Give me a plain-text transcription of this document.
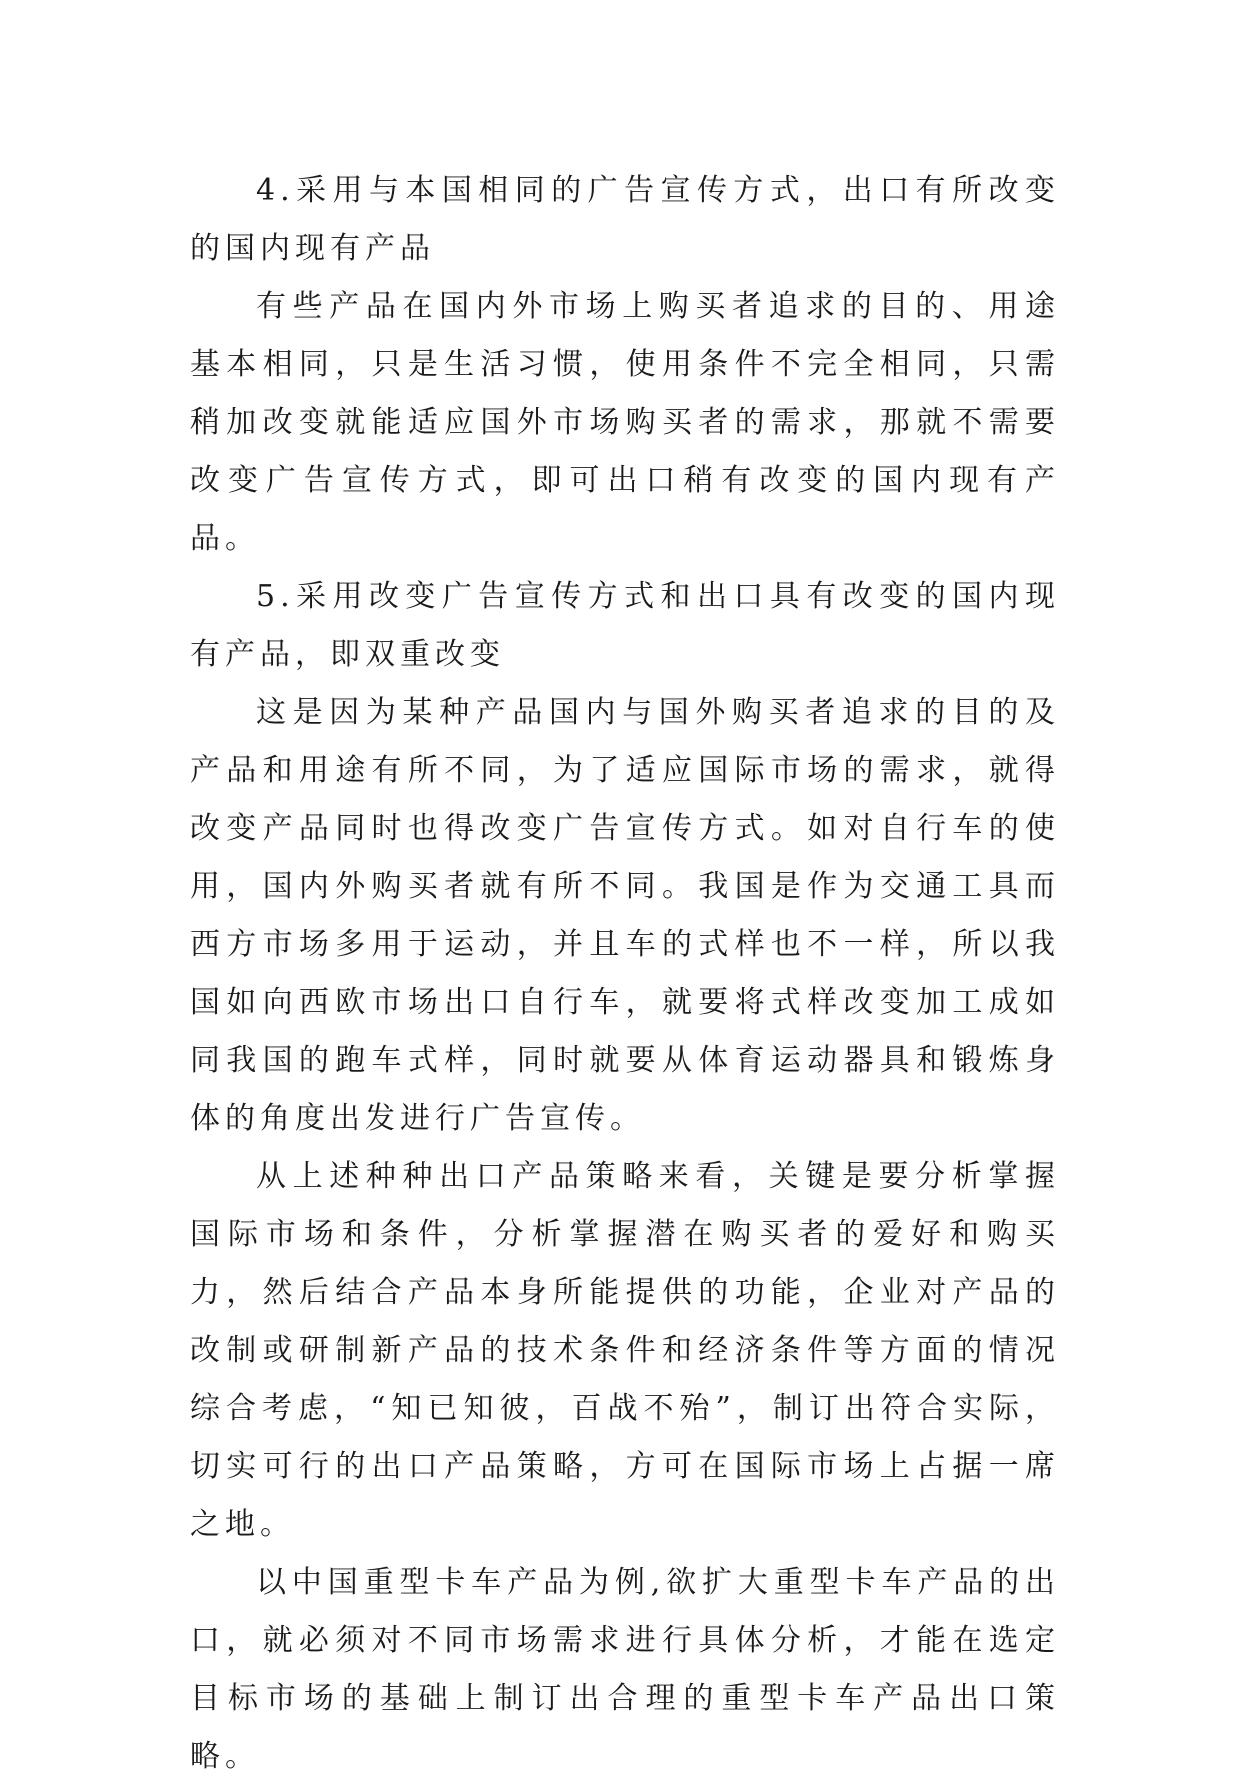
4.采用与本国相同的广告宣传方式，出口有所改变的国内现有产品

有些产品在国内外市场上购买者追求的目的、用途基本相同，只是生活习惯，使用条件不完全相同，只需稍加改变就能适应国外市场购买者的需求，那就不需要改变广告宣传方式，即可出口稍有改变的国内现有产品。

5.采用改变广告宣传方式和出口具有改变的国内现有产品，即双重改变

这是因为某种产品国内与国外购买者追求的目的及产品和用途有所不同，为了适应国际市场的需求，就得改变产品同时也得改变广告宣传方式。如对自行车的使用，国内外购买者就有所不同。我国是作为交通工具而西方市场多用于运动，并且车的式样也不一样，所以我国如向西欧市场出口自行车，就要将式样改变加工成如同我国的跑车式样，同时就要从体育运动器具和锻炼身体的角度出发进行广告宣传。

从上述种种出口产品策略来看，关键是要分析掌握国际市场和条件，分析掌握潜在购买者的爱好和购买力，然后结合产品本身所能提供的功能，企业对产品的改制或研制新产品的技术条件和经济条件等方面的情况综合考虑，“知已知彼，百战不殆”，制订出符合实际，切实可行的出口产品策略，方可在国际市场上占据一席之地。

以中国重型卡车产品为例,欲扩大重型卡车产品的出口，就必须对不同市场需求进行具体分析，才能在选定目标市场的基础上制订出合理的重型卡车产品出口策略。
